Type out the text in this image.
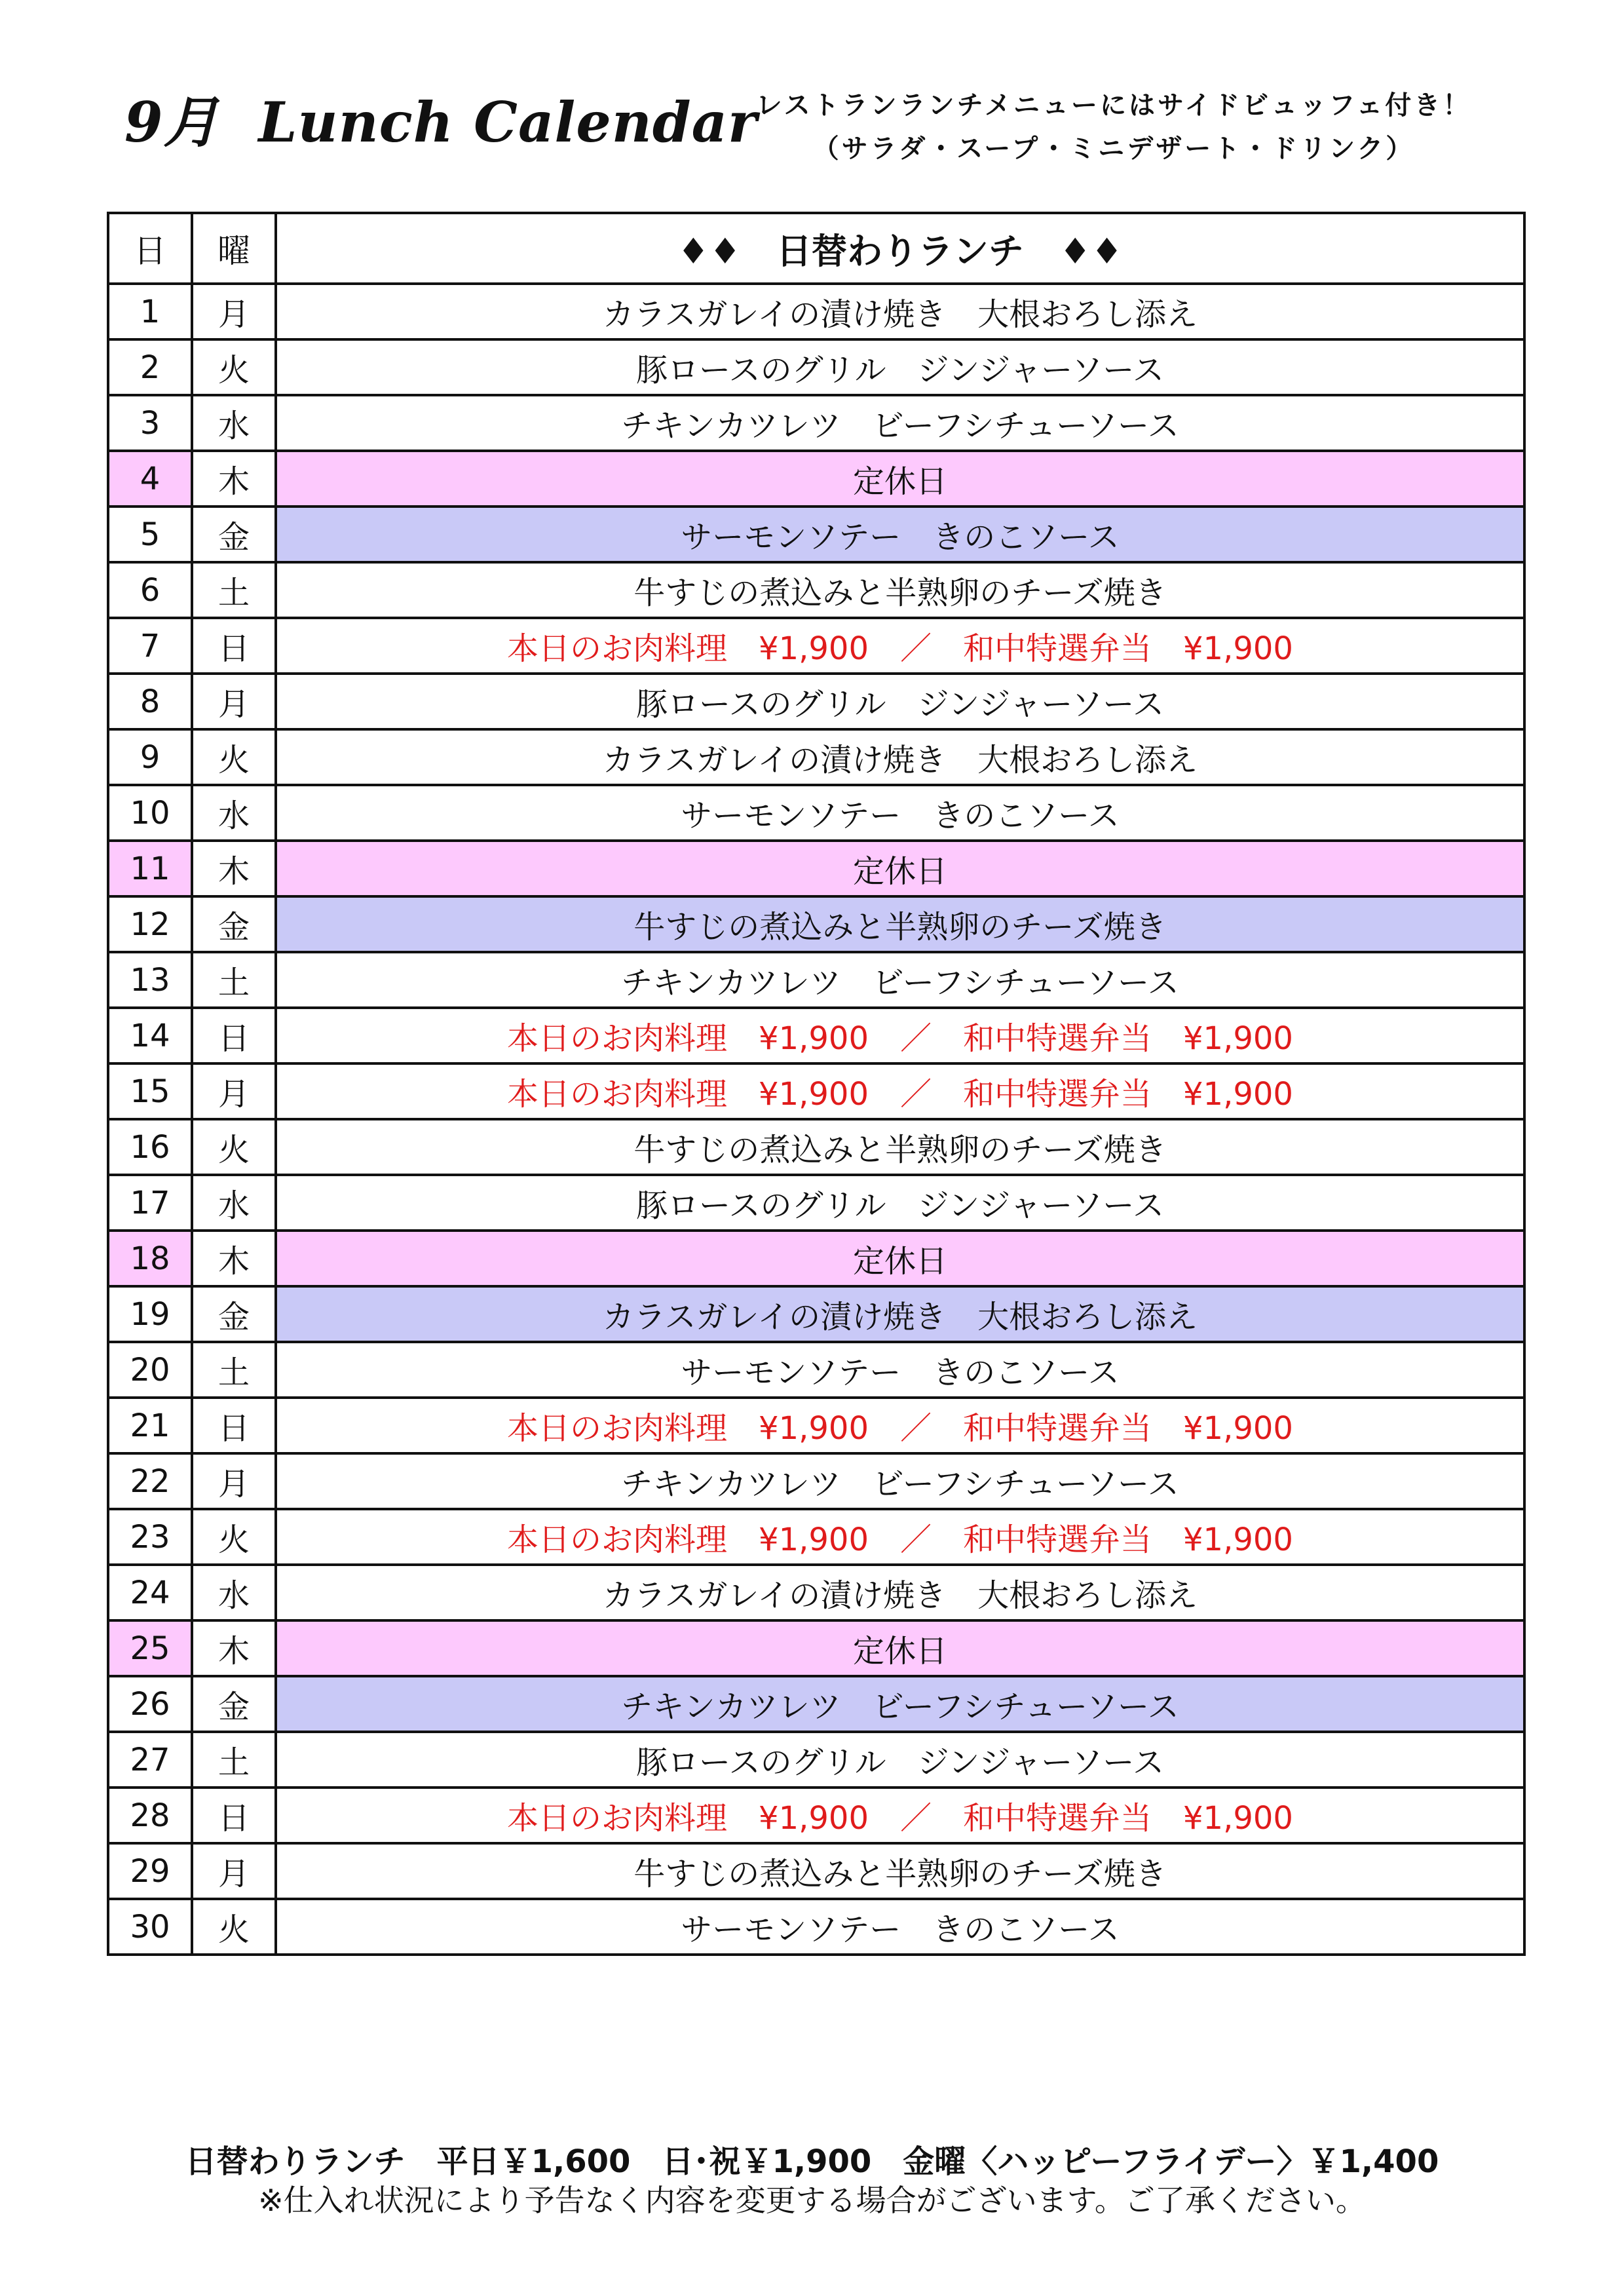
9月 Lunch Calendar
レストランランチメニューにはサイドビュッフェ付き！
（サラダ・スープ・ミニデザート・ドリンク）
日	曜	♦♦　日替わりランチ　♦♦
1	月	カラスガレイの漬け焼き　大根おろし添え
2	火	豚ロースのグリル　ジンジャーソース
3	水	チキンカツレツ　ビーフシチューソース
4	木	定休日
5	金	サーモンソテー　きのこソース
6	土	牛すじの煮込みと半熟卵のチーズ焼き
7	日	本日のお肉料理　¥1,900　／　和中特選弁当　¥1,900
8	月	豚ロースのグリル　ジンジャーソース
9	火	カラスガレイの漬け焼き　大根おろし添え
10	水	サーモンソテー　きのこソース
11	木	定休日
12	金	牛すじの煮込みと半熟卵のチーズ焼き
13	土	チキンカツレツ　ビーフシチューソース
14	日	本日のお肉料理　¥1,900　／　和中特選弁当　¥1,900
15	月	本日のお肉料理　¥1,900　／　和中特選弁当　¥1,900
16	火	牛すじの煮込みと半熟卵のチーズ焼き
17	水	豚ロースのグリル　ジンジャーソース
18	木	定休日
19	金	カラスガレイの漬け焼き　大根おろし添え
20	土	サーモンソテー　きのこソース
21	日	本日のお肉料理　¥1,900　／　和中特選弁当　¥1,900
22	月	チキンカツレツ　ビーフシチューソース
23	火	本日のお肉料理　¥1,900　／　和中特選弁当　¥1,900
24	水	カラスガレイの漬け焼き　大根おろし添え
25	木	定休日
26	金	チキンカツレツ　ビーフシチューソース
27	土	豚ロースのグリル　ジンジャーソース
28	日	本日のお肉料理　¥1,900　／　和中特選弁当　¥1,900
29	月	牛すじの煮込みと半熟卵のチーズ焼き
30	火	サーモンソテー　きのこソース
日替わりランチ　平日￥1,600　日･祝￥1,900　金曜〈ハッピーフライデー〉￥1,400
※仕入れ状況により予告なく内容を変更する場合がございます。ご了承ください。
